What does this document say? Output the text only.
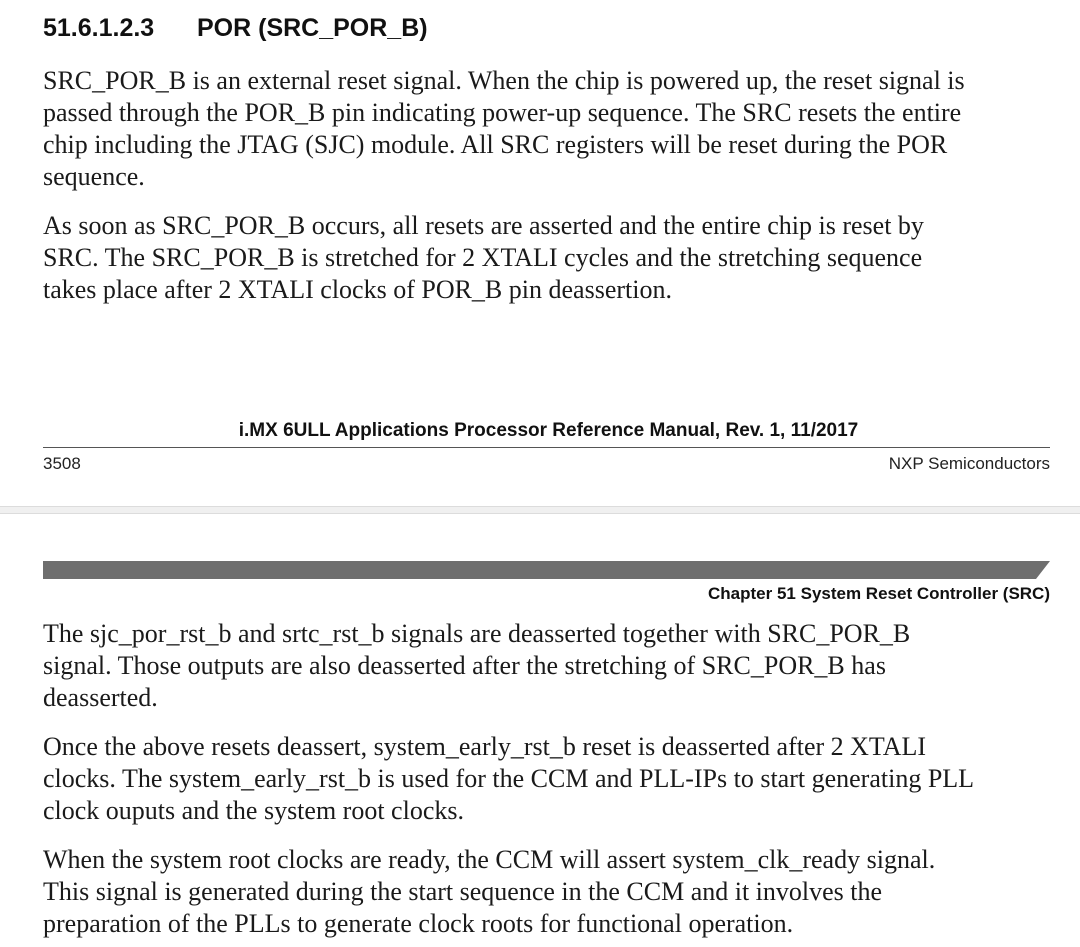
51.6.1.2.3 POR (SRC_POR_B)

SRC_POR_B is an external reset signal. When the chip is powered up, the reset signal is
passed through the POR_B pin indicating power-up sequence. The SRC resets the entire
chip including the JTAG (SJC) module. All SRC registers will be reset during the POR
sequence.

As soon as SRC_POR_B occurs, all resets are asserted and the entire chip is reset by
SRC. The SRC_POR_B is stretched for 2 XTALI cycles and the stretching sequence
takes place after 2 XTALI clocks of POR_B pin deassertion.

i.MX 6ULL Applications Processor Reference Manual, Rev. 1, 11/2017
3508	NXP Semiconductors
Chapter 51 System Reset Controller (SRC)

The sjc_por_rst_b and srtc_rst_b signals are deasserted together with SRC_POR_B
signal. Those outputs are also deasserted after the stretching of SRC_POR_B has
deasserted.

Once the above resets deassert, system_early_rst_b reset is deasserted after 2 XTALI
clocks. The system_early_rst_b is used for the CCM and PLL-IPs to start generating PLL
clock ouputs and the system root clocks.

When the system root clocks are ready, the CCM will assert system_clk_ready signal.
This signal is generated during the start sequence in the CCM and it involves the
preparation of the PLLs to generate clock roots for functional operation.
